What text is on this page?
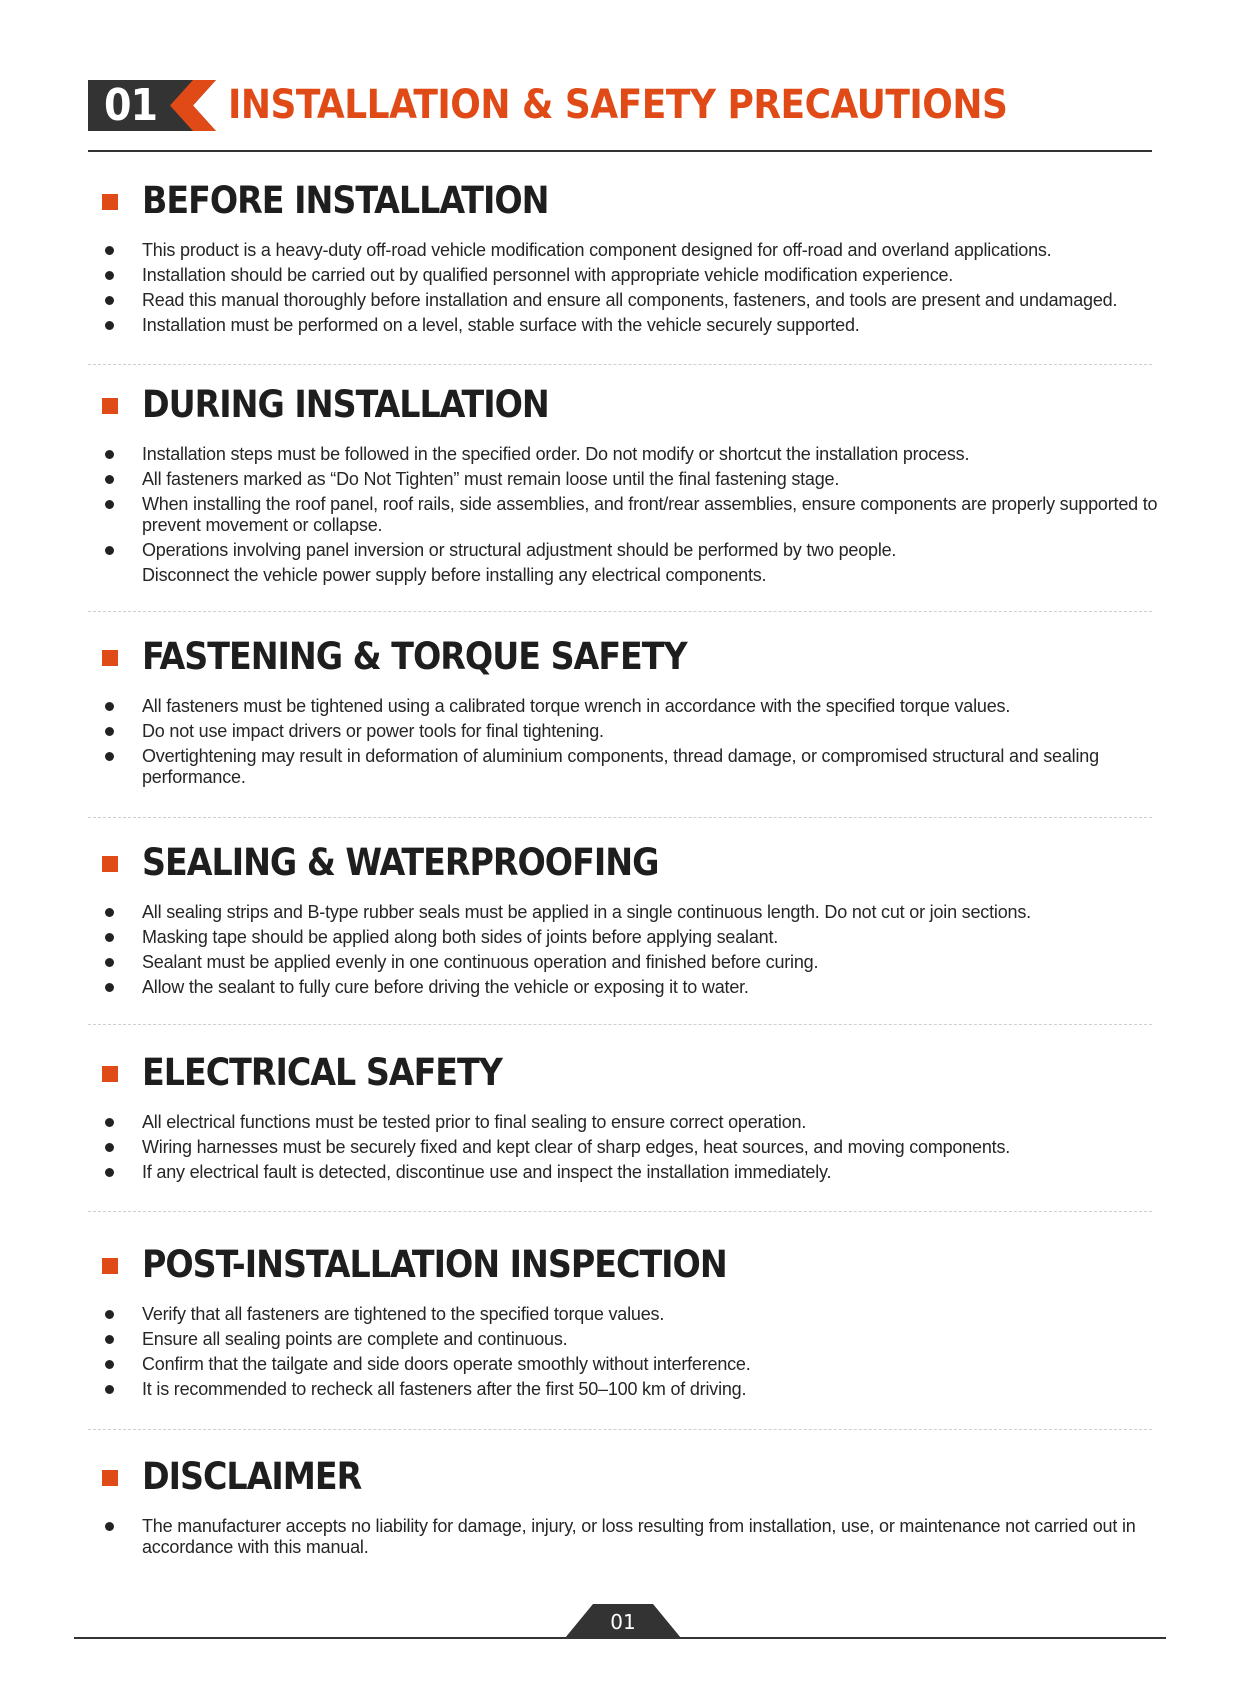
01	INSTALLATION & SAFETY PRECAUTIONS
BEFORE INSTALLATION
This product is a heavy-duty off-road vehicle modification component designed for off-road and overland applications.
Installation should be carried out by qualified personnel with appropriate vehicle modification experience.
Read this manual thoroughly before installation and ensure all components, fasteners, and tools are present and undamaged.
Installation must be performed on a level, stable surface with the vehicle securely supported.
DURING INSTALLATION
Installation steps must be followed in the specified order. Do not modify or shortcut the installation process.
All fasteners marked as “Do Not Tighten” must remain loose until the final fastening stage.
When installing the roof panel, roof rails, side assemblies, and front/rear assemblies, ensure components are properly supported to prevent movement or collapse.
Operations involving panel inversion or structural adjustment should be performed by two people.
Disconnect the vehicle power supply before installing any electrical components.
FASTENING & TORQUE SAFETY
All fasteners must be tightened using a calibrated torque wrench in accordance with the specified torque values.
Do not use impact drivers or power tools for final tightening.
Overtightening may result in deformation of aluminium components, thread damage, or compromised structural and sealing performance.
SEALING & WATERPROOFING
All sealing strips and B-type rubber seals must be applied in a single continuous length. Do not cut or join sections.
Masking tape should be applied along both sides of joints before applying sealant.
Sealant must be applied evenly in one continuous operation and finished before curing.
Allow the sealant to fully cure before driving the vehicle or exposing it to water.
ELECTRICAL SAFETY
All electrical functions must be tested prior to final sealing to ensure correct operation.
Wiring harnesses must be securely fixed and kept clear of sharp edges, heat sources, and moving components.
If any electrical fault is detected, discontinue use and inspect the installation immediately.
POST-INSTALLATION INSPECTION
Verify that all fasteners are tightened to the specified torque values.
Ensure all sealing points are complete and continuous.
Confirm that the tailgate and side doors operate smoothly without interference.
It is recommended to recheck all fasteners after the first 50–100 km of driving.
DISCLAIMER
The manufacturer accepts no liability for damage, injury, or loss resulting from installation, use, or maintenance not carried out in accordance with this manual.
01
